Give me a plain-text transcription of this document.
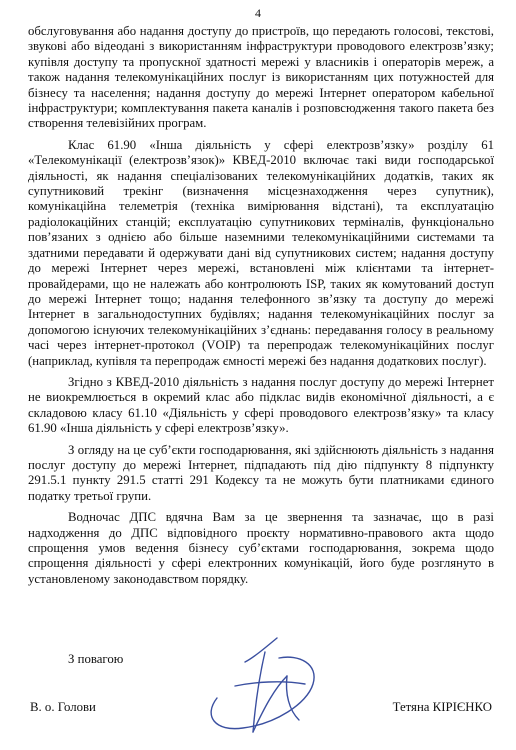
4

обслуговування або надання доступу до пристроїв, що передають голосові, текстові, звукові або відеодані з використанням інфраструктури проводового електрозв’язку; купівля доступу та пропускної здатності мережі у власників і операторів мереж, а також надання телекомунікаційних послуг із використанням цих потужностей для бізнесу та населення; надання доступу до мережі Інтернет оператором кабельної інфраструктури; комплектування пакета каналів і розповсюдження такого пакета без створення телевізійних програм.

Клас 61.90 «Інша діяльність у сфері електрозв’язку» розділу 61 «Телекомунікації (електрозв’язок)» КВЕД-2010 включає такі види господарської діяльності, як надання спеціалізованих телекомунікаційних додатків, таких як супутниковий трекінг (визначення місцезнаходження через супутник), комунікаційна телеметрія (техніка вимірювання відстані), та експлуатацію радіолокаційних станцій; експлуатацію супутникових терміналів, функціонально пов’язаних з однією або більше наземними телекомунікаційними системами та здатними передавати й одержувати дані від супутникових систем; надання доступу до мережі Інтернет через мережі, встановлені між клієнтами та інтернет-провайдерами, що не належать або контролюють ISP, таких як комутований доступ до мережі Інтернет тощо; надання телефонного зв’язку та доступу до мережі Інтернет в загальнодоступних будівлях; надання телекомунікаційних послуг за допомогою існуючих телекомунікаційних з’єднань: передавання голосу в реальному часі через інтернет-протокол (VOIP) та перепродаж телекомунікаційних послуг (наприклад, купівля та перепродаж ємності мережі без надання додаткових послуг).

Згідно з КВЕД-2010 діяльність з надання послуг доступу до мережі Інтернет не виокремлюється в окремий клас або підклас видів економічної діяльності, а є складовою класу 61.10 «Діяльність у сфері проводового електрозв’язку» та класу 61.90 «Інша діяльність у сфері електрозв’язку».

З огляду на це суб’єкти господарювання, які здійснюють діяльність з надання послуг доступу до мережі Інтернет, підпадають під дію підпункту 8 підпункту 291.5.1 пункту 291.5 статті 291 Кодексу та не можуть бути платниками єдиного податку третьої групи.

Водночас ДПС вдячна Вам за це звернення та зазначає, що в разі надходження до ДПС відповідного проєкту нормативно-правового акта щодо спрощення умов ведення бізнесу суб’єктами господарювання, зокрема щодо спрощення діяльності у сфері електронних комунікацій, його буде розглянуто в установленому законодавством порядку.

З повагою
В. о. Голови	Тетяна КІРІЄНКО
